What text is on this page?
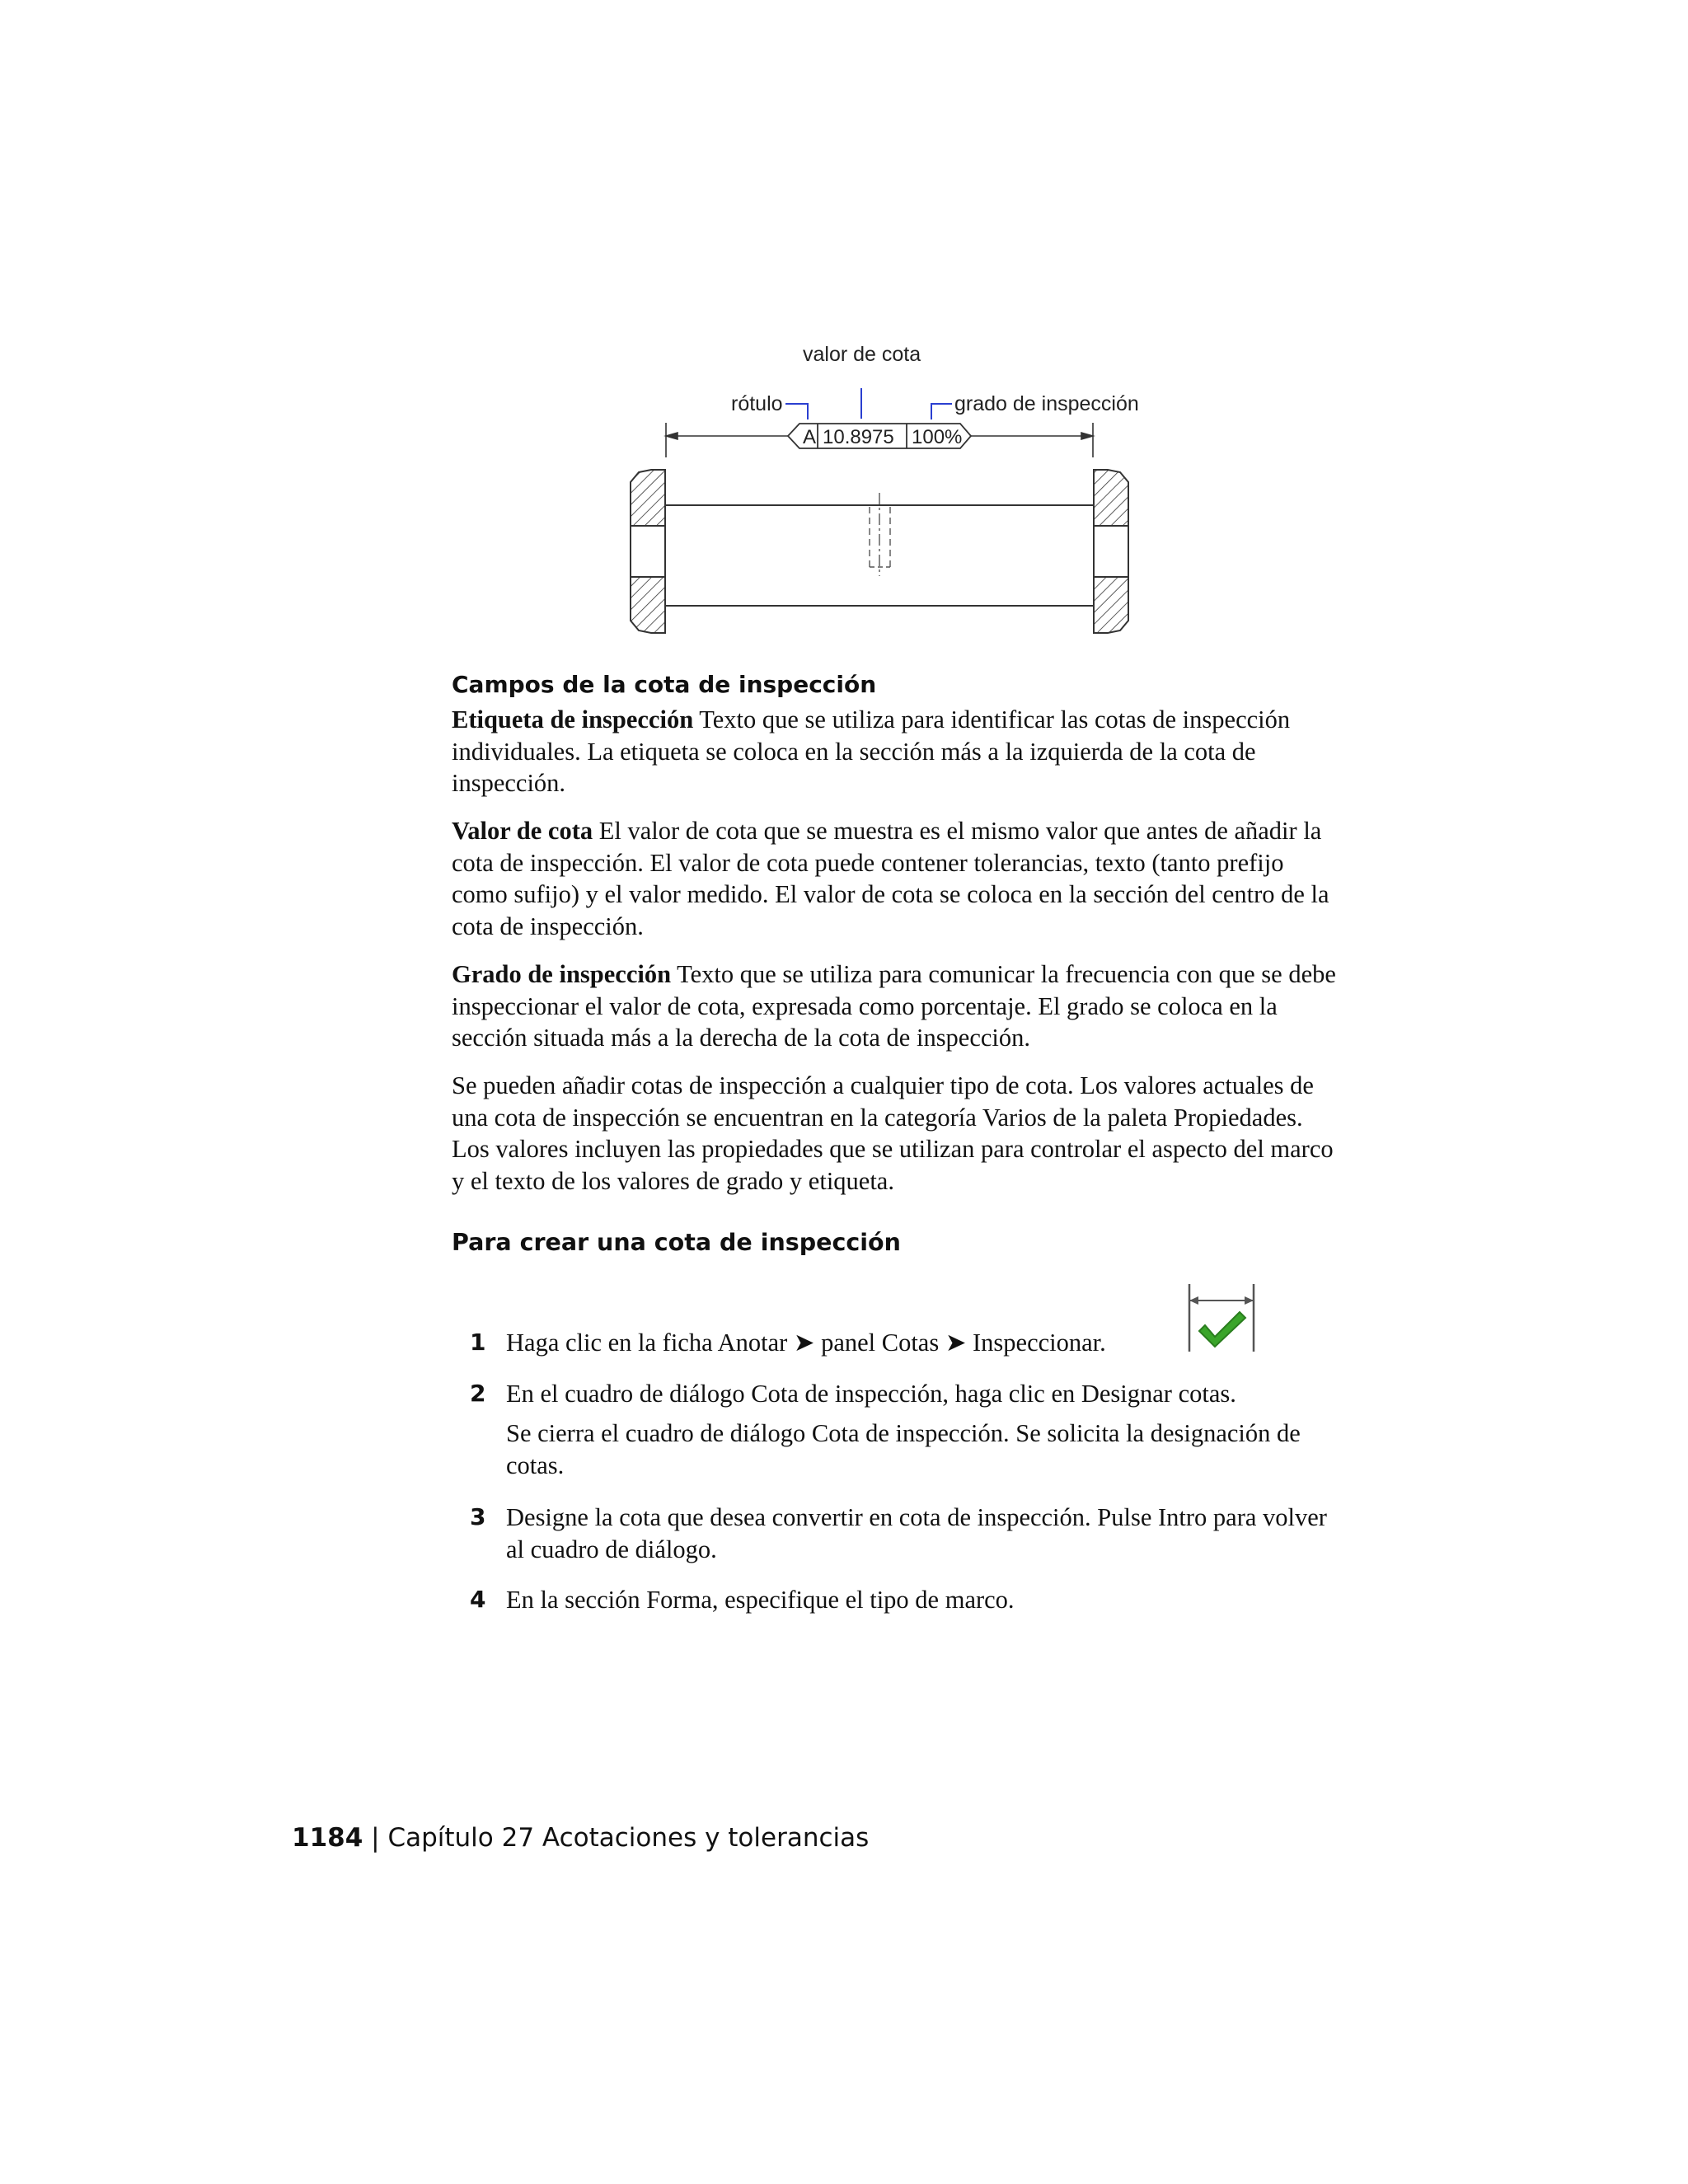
valor de cota
rótulo	grado de inspección
A 10.8975 100%
Campos de la cota de inspección

Etiqueta de inspección Texto que se utiliza para identificar las cotas de inspección individuales. La etiqueta se coloca en la sección más a la izquierda de la cota de inspección.

Valor de cota El valor de cota que se muestra es el mismo valor que antes de añadir la cota de inspección. El valor de cota puede contener tolerancias, texto (tanto prefijo como sufijo) y el valor medido. El valor de cota se coloca en la sección del centro de la cota de inspección.

Grado de inspección Texto que se utiliza para comunicar la frecuencia con que se debe inspeccionar el valor de cota, expresada como porcentaje. El grado se coloca en la sección situada más a la derecha de la cota de inspección.

Se pueden añadir cotas de inspección a cualquier tipo de cota. Los valores actuales de una cota de inspección se encuentran en la categoría Varios de la paleta Propiedades. Los valores incluyen las propiedades que se utilizan para controlar el aspecto del marco y el texto de los valores de grado y etiqueta.

Para crear una cota de inspección
1 Haga clic en la ficha Anotar ➤ panel Cotas ➤ Inspeccionar.
2 En el cuadro de diálogo Cota de inspección, haga clic en Designar cotas.
Se cierra el cuadro de diálogo Cota de inspección. Se solicita la designación de cotas.
3 Designe la cota que desea convertir en cota de inspección. Pulse Intro para volver al cuadro de diálogo.
4 En la sección Forma, especifique el tipo de marco.
1184 | Capítulo 27 Acotaciones y tolerancias
